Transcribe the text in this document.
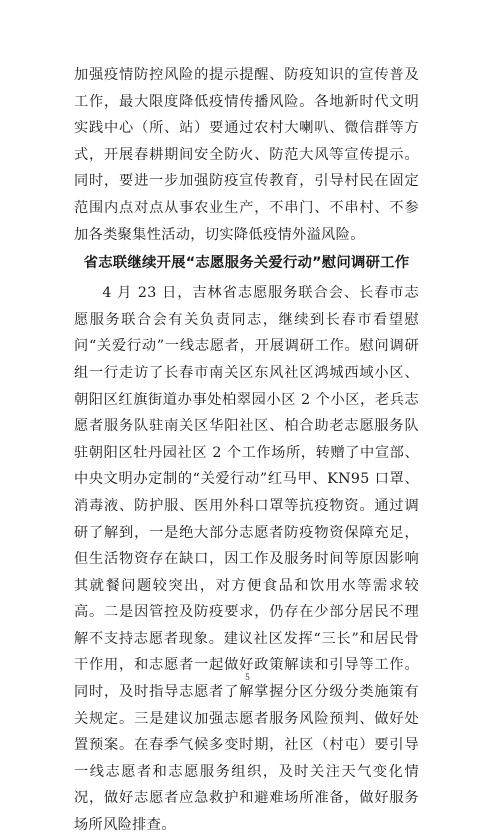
加强疫情防控风险的提示提醒、防疫知识的宣传普及工作，最大限度降低疫情传播风险。各地新时代文明实践中心（所、站）要通过农村大喇叭、微信群等方式，开展春耕期间安全防火、防范大风等宣传提示。同时，要进一步加强防疫宣传教育，引导村民在固定范围内点对点从事农业生产，不串门、不串村、不参加各类聚集性活动，切实降低疫情外溢风险。

省志联继续开展“志愿服务关爱行动”慰问调研工作

4 月 23 日，吉林省志愿服务联合会、长春市志愿服务联合会有关负责同志，继续到长春市看望慰问“关爱行动”一线志愿者，开展调研工作。慰问调研组一行走访了长春市南关区东风社区鸿城西域小区、朝阳区红旗街道办事处柏翠园小区 2 个小区，老兵志愿者服务队驻南关区华阳社区、柏合助老志愿服务队驻朝阳区牡丹园社区 2 个工作场所，转赠了中宣部、中央文明办定制的“关爱行动”红马甲、KN95 口罩、消毒液、防护服、医用外科口罩等抗疫物资。通过调研了解到，一是绝大部分志愿者防疫物资保障充足，但生活物资存在缺口，因工作及服务时间等原因影响其就餐问题较突出，对方便食品和饮用水等需求较高。二是因管控及防疫要求，仍存在少部分居民不理解不支持志愿者现象。建议社区发挥“三长”和居民骨干作用，和志愿者一起做好政策解读和引导等工作。同时，及时指导志愿者了解掌握分区分级分类施策有关规定。三是建议加强志愿者服务风险预判、做好处置预案。在春季气候多变时期，社区（村屯）要引导一线志愿者和志愿服务组织，及时关注天气变化情况，做好志愿者应急救护和避难场所准备，做好服务场所风险排查。

5
